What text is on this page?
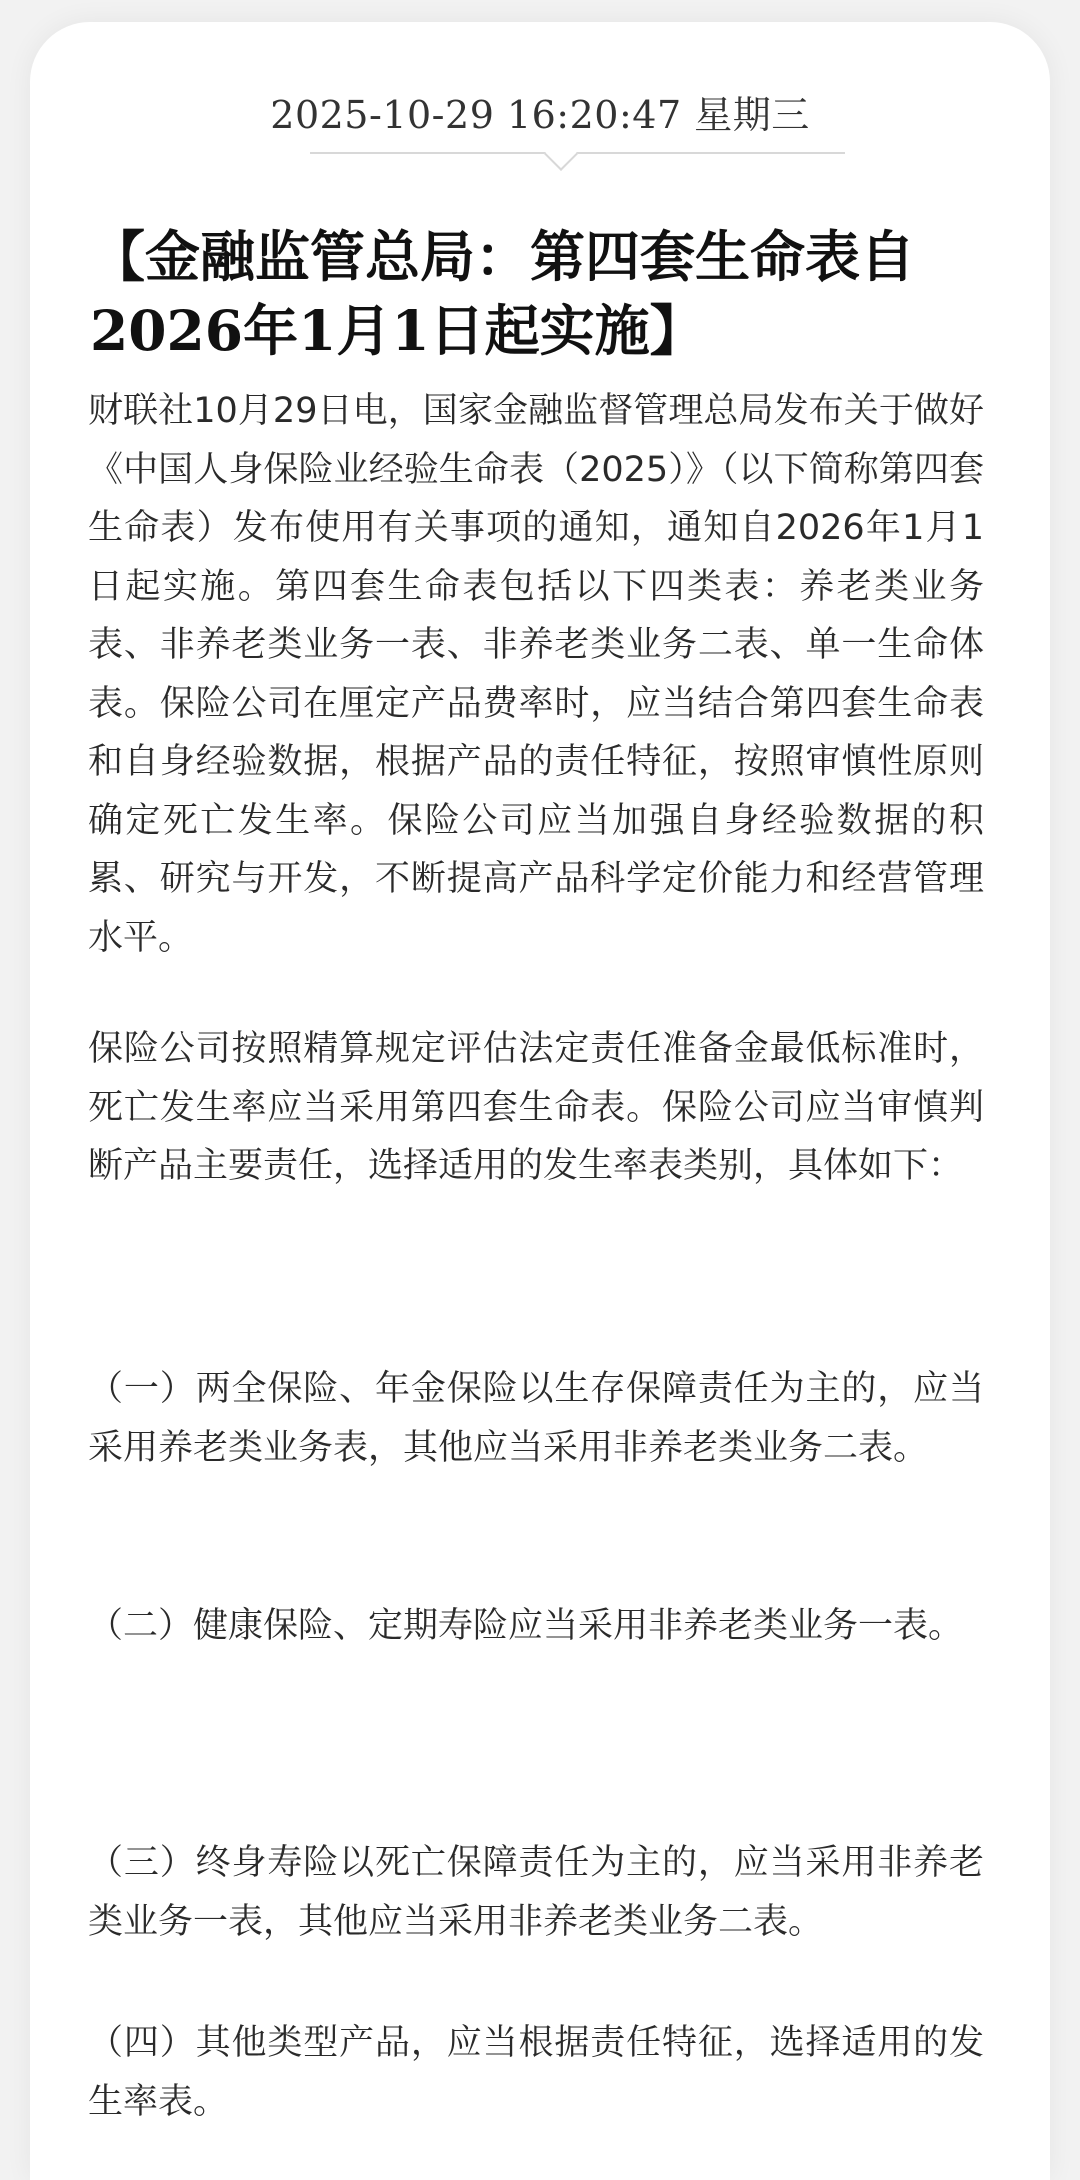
2025-10-29 16:20:47 星期三
【金融监管总局：第四套生命表自2026年1月1日起实施】

财联社10月29日电，国家金融监督管理总局发布关于做好《中国人身保险业经验生命表（2025）》（以下简称第四套生命表）发布使用有关事项的通知，通知自2026年1月1日起实施。第四套生命表包括以下四类表：养老类业务表、非养老类业务一表、非养老类业务二表、单一生命体表。保险公司在厘定产品费率时，应当结合第四套生命表和自身经验数据，根据产品的责任特征，按照审慎性原则确定死亡发生率。保险公司应当加强自身经验数据的积累、研究与开发，不断提高产品科学定价能力和经营管理水平。

保险公司按照精算规定评估法定责任准备金最低标准时，死亡发生率应当采用第四套生命表。保险公司应当审慎判断产品主要责任，选择适用的发生率表类别，具体如下：

（一）两全保险、年金保险以生存保障责任为主的，应当采用养老类业务表，其他应当采用非养老类业务二表。

（二）健康保险、定期寿险应当采用非养老类业务一表。

（三）终身寿险以死亡保障责任为主的，应当采用非养老类业务一表，其他应当采用非养老类业务二表。

（四）其他类型产品，应当根据责任特征，选择适用的发生率表。
